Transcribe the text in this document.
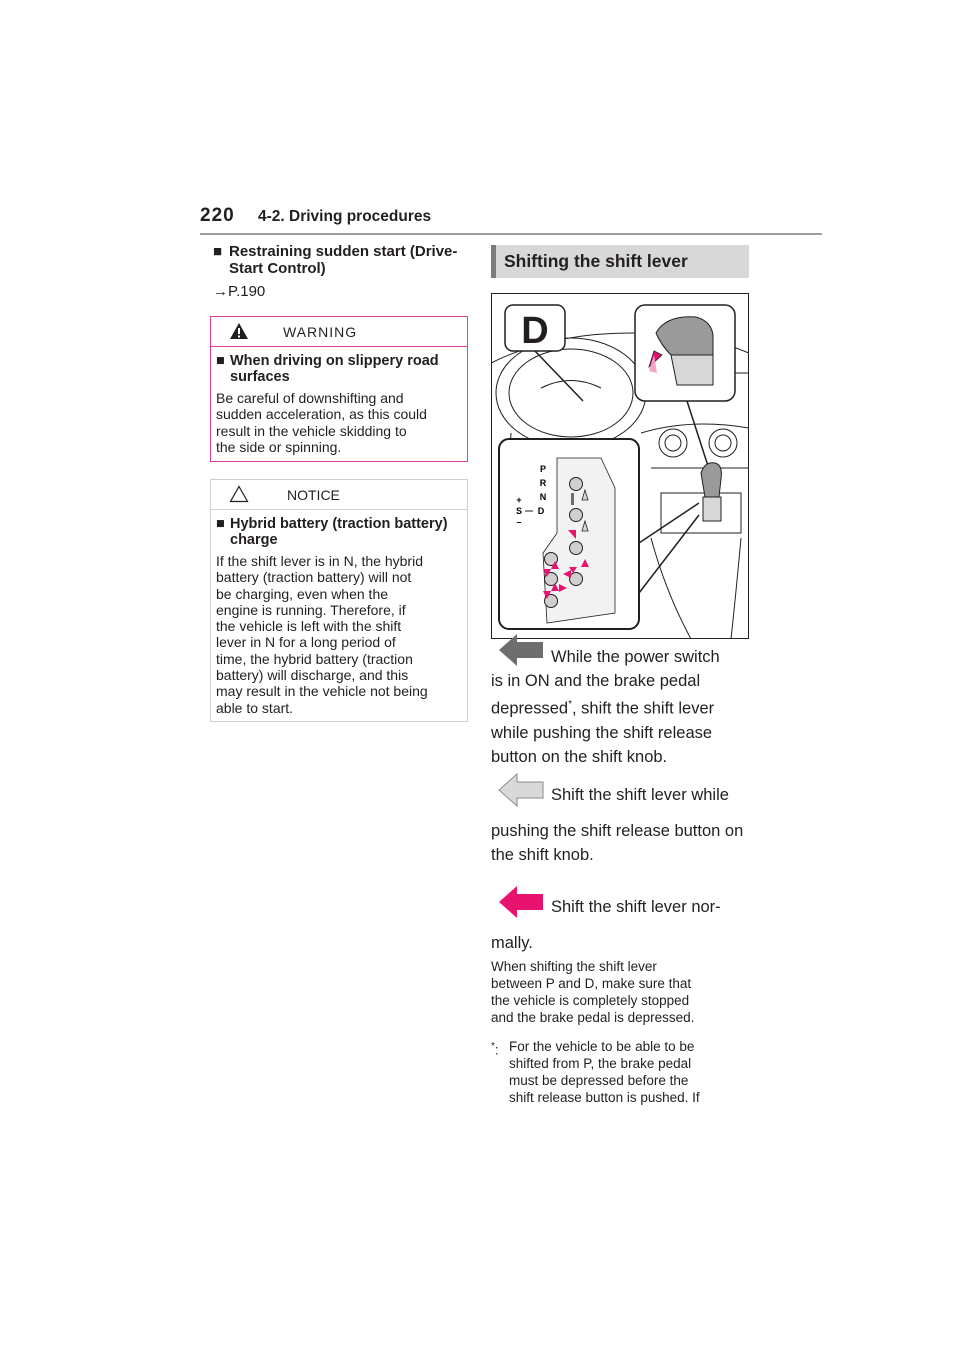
220 4-2. Driving procedures
■ Restraining sudden start (Drive-Start Control)
→P.190
WARNING
■ When driving on slippery road surfaces
Be careful of downshifting and
sudden acceleration, as this could
result in the vehicle skidding to
the side or spinning.
NOTICE
■ Hybrid battery (traction battery) charge
If the shift lever is in N, the hybrid
battery (traction battery) will not
be charging, even when the
engine is running. Therefore, if
the vehicle is left with the shift
lever in N for a long period of
time, the hybrid battery (traction
battery) will discharge, and this
may result in the vehicle not being
able to start.
Shifting the shift lever
D
P
R
N
D
+
S
–
While the power switch
is in ON and the brake pedal depressed*, shift the shift lever while pushing the shift release button on the shift knob.
Shift the shift lever while
pushing the shift release button on the shift knob.
Shift the shift lever nor-
mally.
When shifting the shift lever
between P and D, make sure that
the vehicle is completely stopped
and the brake pedal is depressed.
*: For the vehicle to be able to be
shifted from P, the brake pedal
must be depressed before the
shift release button is pushed. If
